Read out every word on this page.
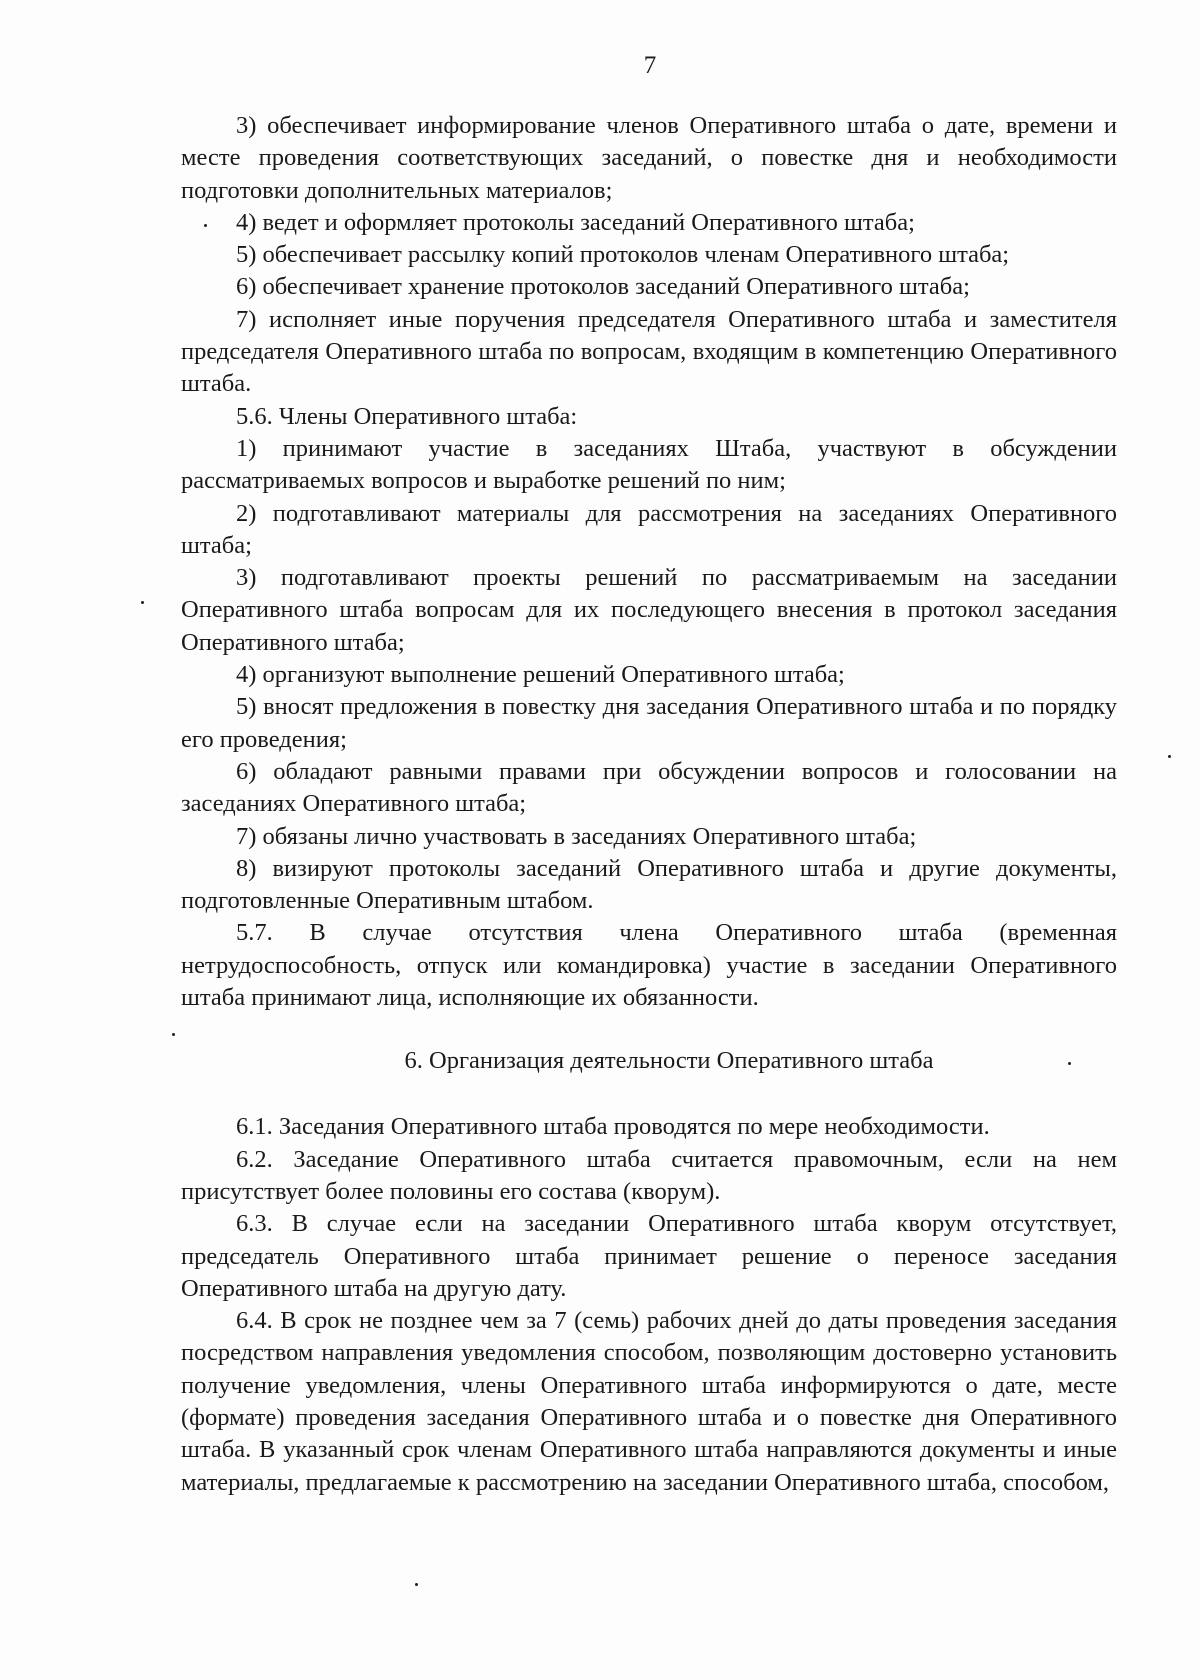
7

3) обеспечивает информирование членов Оперативного штаба о дате, времени и месте проведения соответствующих заседаний, о повестке дня и необходимости подготовки дополнительных материалов;

4) ведет и оформляет протоколы заседаний Оперативного штаба;

5) обеспечивает рассылку копий протоколов членам Оперативного штаба;

6) обеспечивает хранение протоколов заседаний Оперативного штаба;

7) исполняет иные поручения председателя Оперативного штаба и заместителя председателя Оперативного штаба по вопросам, входящим в компетенцию Оперативного штаба.

5.6. Члены Оперативного штаба:

1) принимают участие в заседаниях Штаба, участвуют в обсуждении рассматриваемых вопросов и выработке решений по ним;

2) подготавливают материалы для рассмотрения на заседаниях Оперативного штаба;

3) подготавливают проекты решений по рассматриваемым на заседании Оперативного штаба вопросам для их последующего внесения в протокол заседания Оперативного штаба;

4) организуют выполнение решений Оперативного штаба;

5) вносят предложения в повестку дня заседания Оперативного штаба и по порядку его проведения;

6) обладают равными правами при обсуждении вопросов и голосовании на заседаниях Оперативного штаба;

7) обязаны лично участвовать в заседаниях Оперативного штаба;

8) визируют протоколы заседаний Оперативного штаба и другие документы, подготовленные Оперативным штабом.

5.7. В случае отсутствия члена Оперативного штаба (временная нетрудоспособность, отпуск или командировка) участие в заседании Оперативного штаба принимают лица, исполняющие их обязанности.

6. Организация деятельности Оперативного штаба

6.1. Заседания Оперативного штаба проводятся по мере необходимости.

6.2. Заседание Оперативного штаба считается правомочным, если на нем присутствует более половины его состава (кворум).

6.3. В случае если на заседании Оперативного штаба кворум отсутствует, председатель Оперативного штаба принимает решение о переносе заседания Оперативного штаба на другую дату.

6.4. В срок не позднее чем за 7 (семь) рабочих дней до даты проведения заседания посредством направления уведомления способом, позволяющим достоверно установить получение уведомления, члены Оперативного штаба информируются о дате, месте (формате) проведения заседания Оперативного штаба и о повестке дня Оперативного штаба. В указанный срок членам Оперативного штаба направляются документы и иные материалы, предлагаемые к рассмотрению на заседании Оперативного штаба, способом,
